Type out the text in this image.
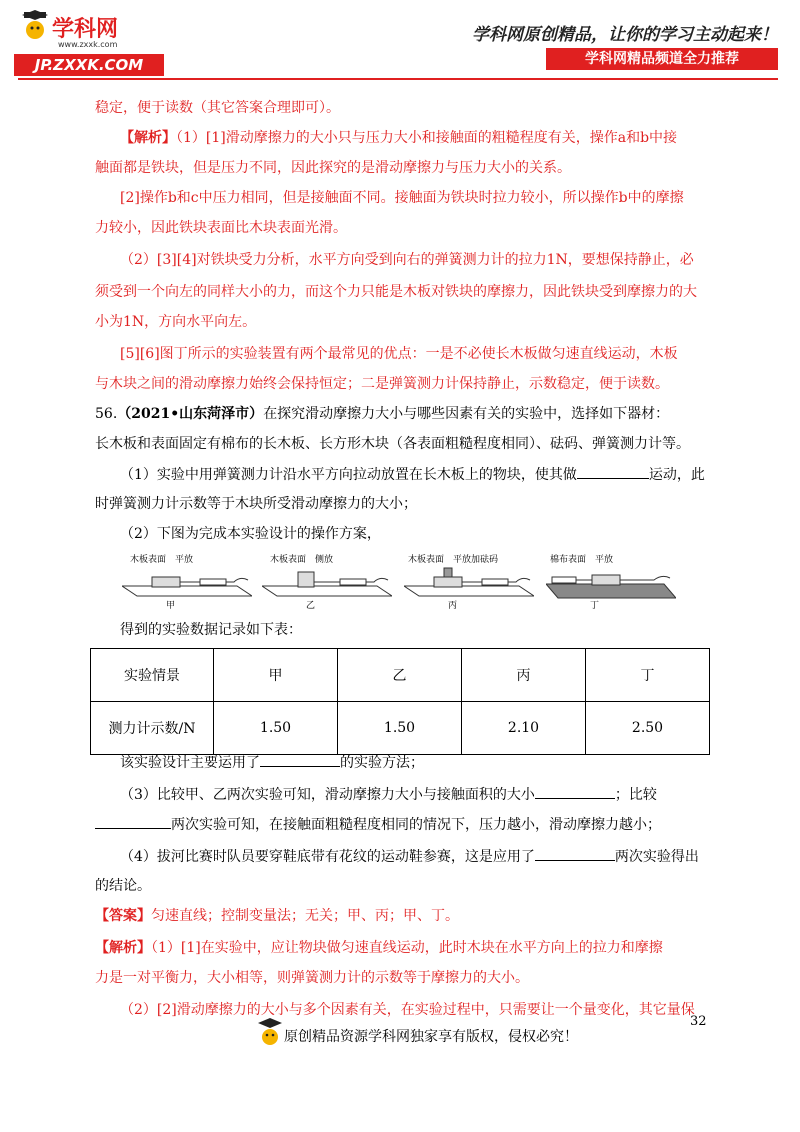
学科网
www.zxxk.com
JP.ZXXK.COM
学科网原创精品，让你的学习主动起来！
学科网精品频道全力推荐
稳定，便于读数（其它答案合理即可）。
【解析】（1）[1]滑动摩擦力的大小只与压力大小和接触面的粗糙程度有关，操作a和b中接
触面都是铁块，但是压力不同，因此探究的是滑动摩擦力与压力大小的关系。
[2]操作b和c中压力相同，但是接触面不同。接触面为铁块时拉力较小，所以操作b中的摩擦
力较小，因此铁块表面比木块表面光滑。
（2）[3][4]对铁块受力分析，水平方向受到向右的弹簧测力计的拉力1N，要想保持静止，必
须受到一个向左的同样大小的力，而这个力只能是木板对铁块的摩擦力，因此铁块受到摩擦力的大
小为1N，方向水平向左。
[5][6]图丁所示的实验装置有两个最常见的优点：一是不必使长木板做匀速直线运动，木板
与木块之间的滑动摩擦力始终会保持恒定；二是弹簧测力计保持静止，示数稳定，便于读数。
56.（2021•山东菏泽市）在探究滑动摩擦力大小与哪些因素有关的实验中，选择如下器材：
长木板和表面固定有棉布的长木板、长方形木块（各表面粗糙程度相同）、砝码、弹簧测力计等。
（1）实验中用弹簧测力计沿水平方向拉动放置在长木板上的物块，使其做	运动，此
时弹簧测力计示数等于木块所受滑动摩擦力的大小；
（2）下图为完成本实验设计的操作方案，
木板表面　平放
甲
木板表面　侧放
乙
木板表面　平放加砝码
丙
棉布表面　平放
丁
得到的实验数据记录如下表：
实验情景	甲	乙	丙	丁
测力计示数/N	1.50	1.50	2.10	2.50
该实验设计主要运用了	的实验方法；
（3）比较甲、乙两次实验可知，滑动摩擦力大小与接触面积的大小	；比较
两次实验可知，在接触面粗糙程度相同的情况下，压力越小，滑动摩擦力越小；
（4）拔河比赛时队员要穿鞋底带有花纹的运动鞋参赛，这是应用了	两次实验得出
的结论。
【答案】匀速直线；控制变量法；无关；甲、丙；甲、丁。
【解析】（1）[1]在实验中，应让物块做匀速直线运动，此时木块在水平方向上的拉力和摩擦
力是一对平衡力，大小相等，则弹簧测力计的示数等于摩擦力的大小。
（2）[2]滑动摩擦力的大小与多个因素有关，在实验过程中，只需要让一个量变化，其它量保
32
原创精品资源学科网独家享有版权，侵权必究！
